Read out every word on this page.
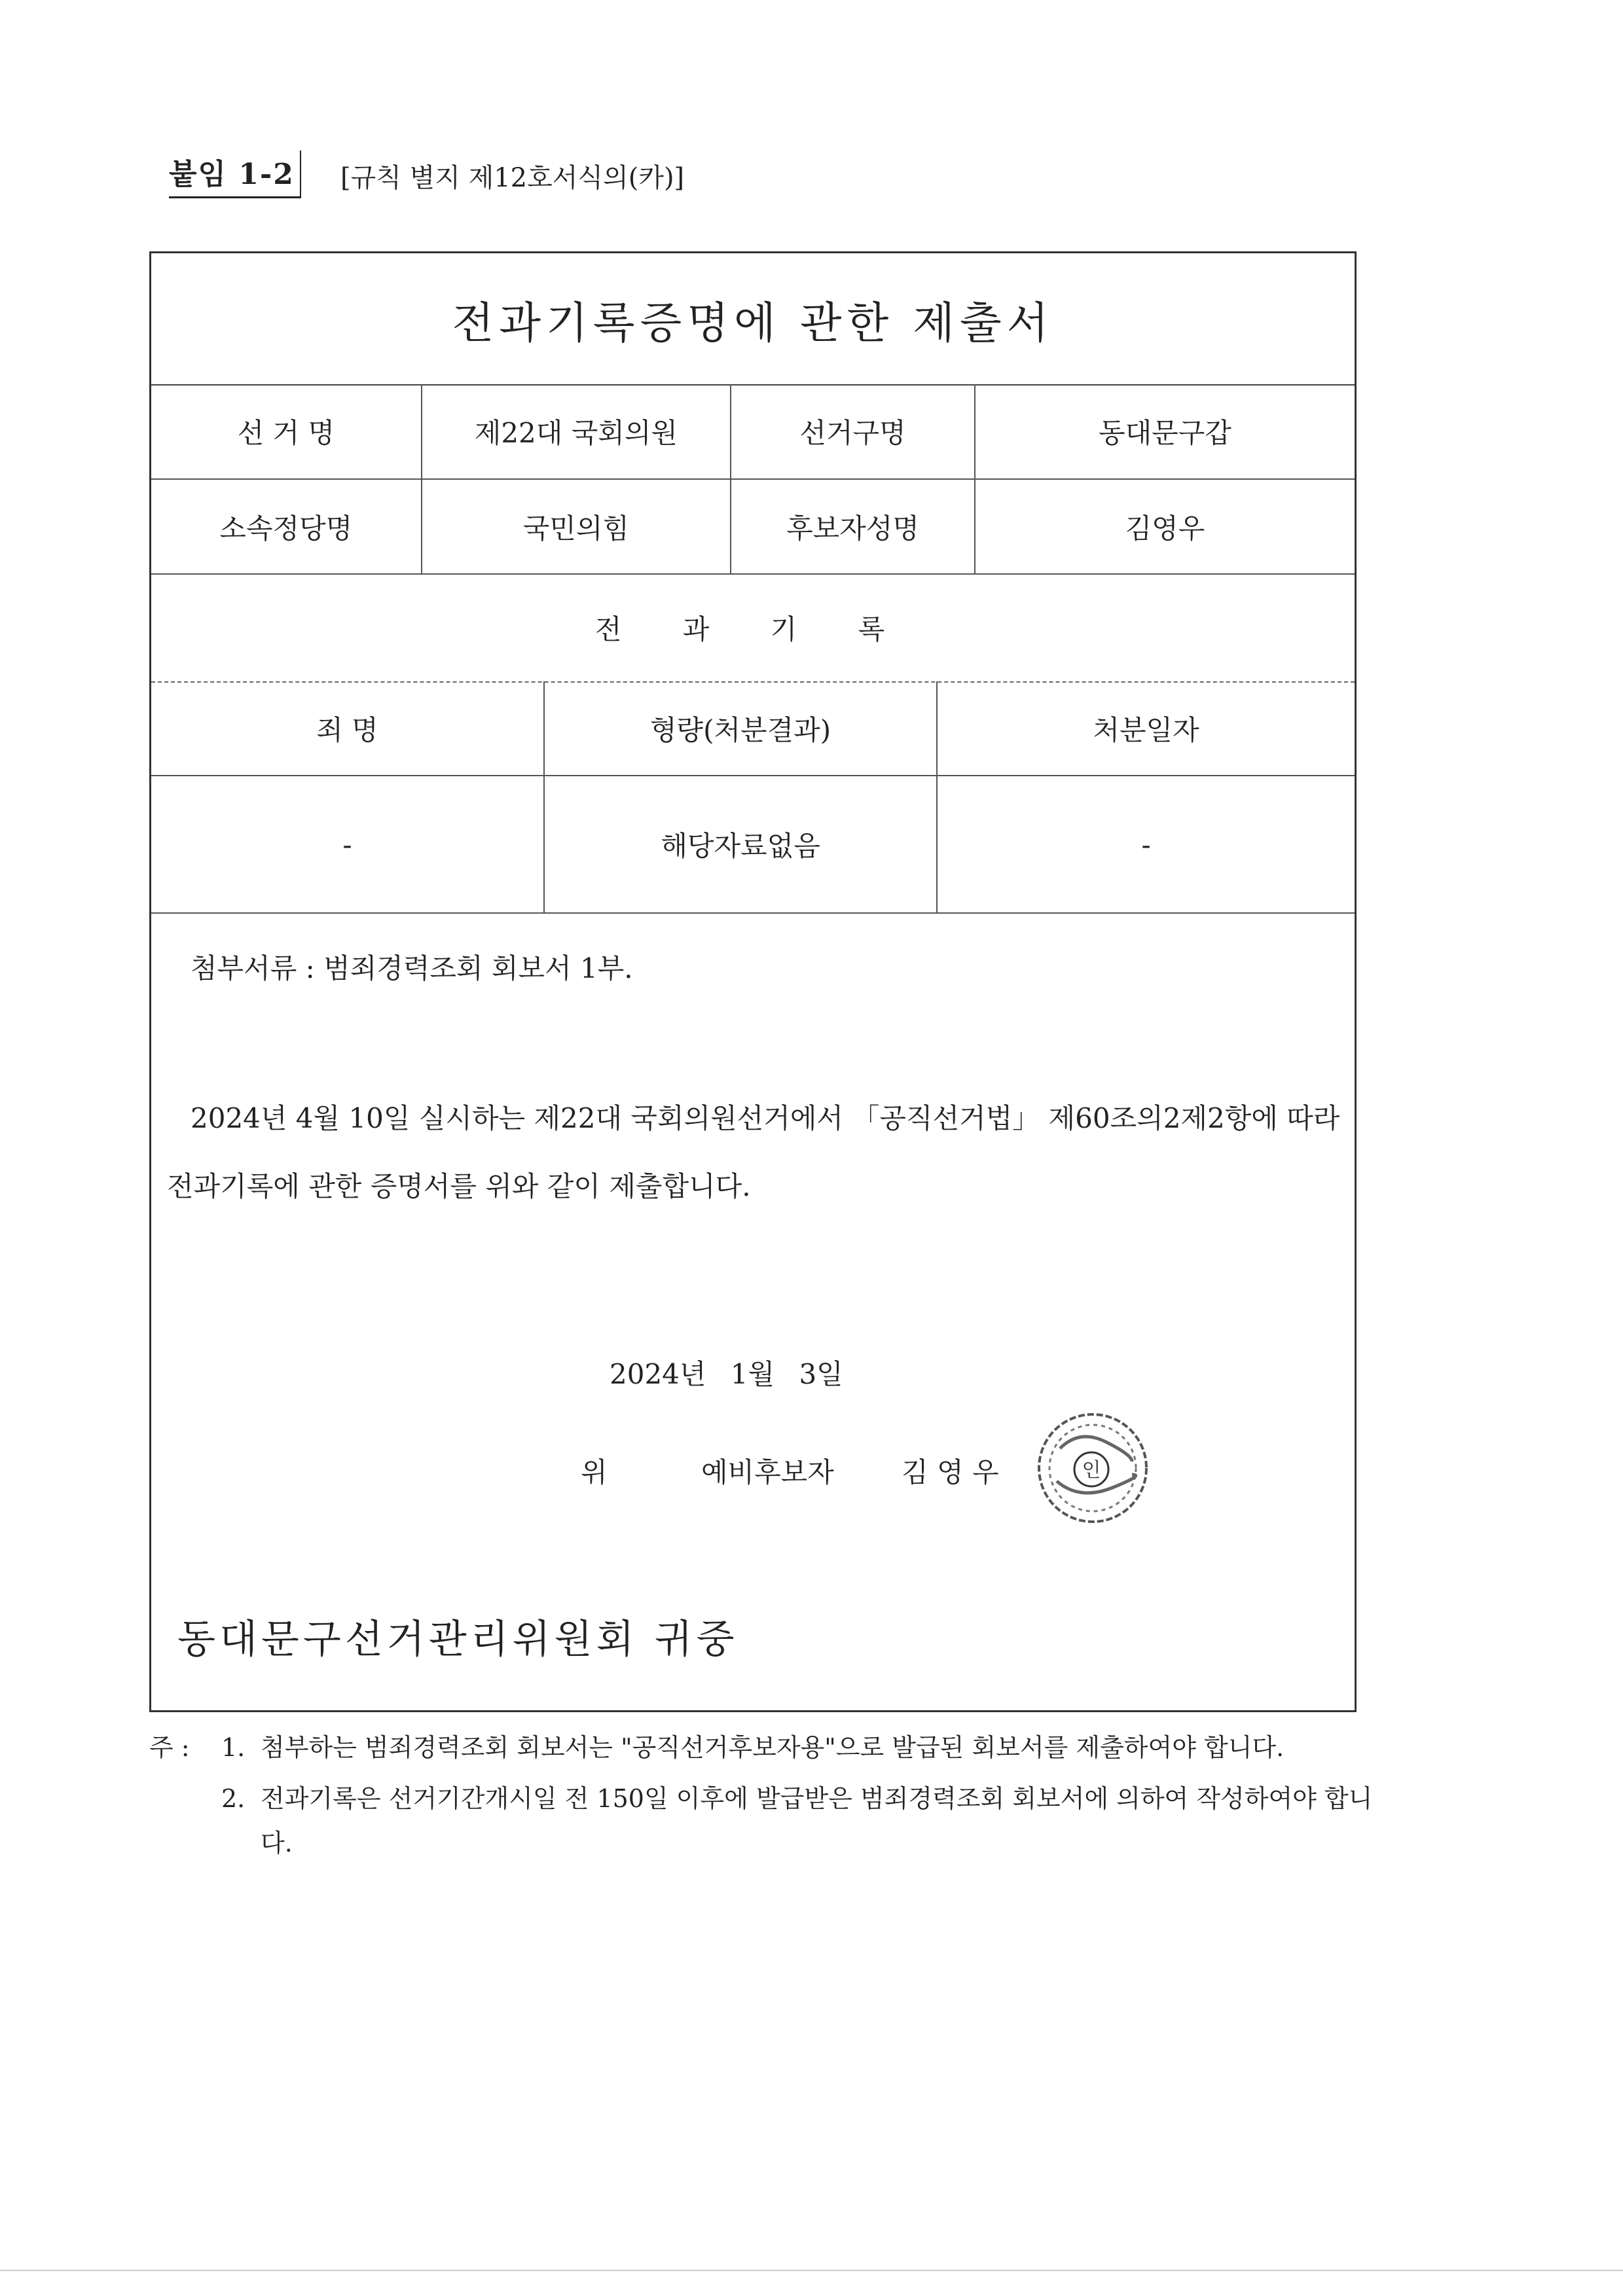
붙임 1-2 [규칙 별지 제12호서식의(카)]
전과기록증명에 관한 제출서
선 거 명	제22대 국회의원	선거구명	동대문구갑
소속정당명	국민의힘	후보자성명	김영우
전 과 기 록
죄 명	형량(처분결과)	처분일자
-	해당자료없음	-
첨부서류 : 범죄경력조회 회보서 1부.
2024년 4월 10일 실시하는 제22대 국회의원선거에서 「공직선거법」 제60조의2제2항에 따라 전과기록에 관한 증명서를 위와 같이 제출합니다.
2024년 1월 3일
위	예비후보자 김 영 우	인
동대문구선거관리위원회 귀중
주 :	1. 첨부하는 범죄경력조회 회보서는 "공직선거후보자용"으로 발급된 회보서를 제출하여야 합니다.
2. 전과기록은 선거기간개시일 전 150일 이후에 발급받은 범죄경력조회 회보서에 의하여 작성하여야 합니다.
